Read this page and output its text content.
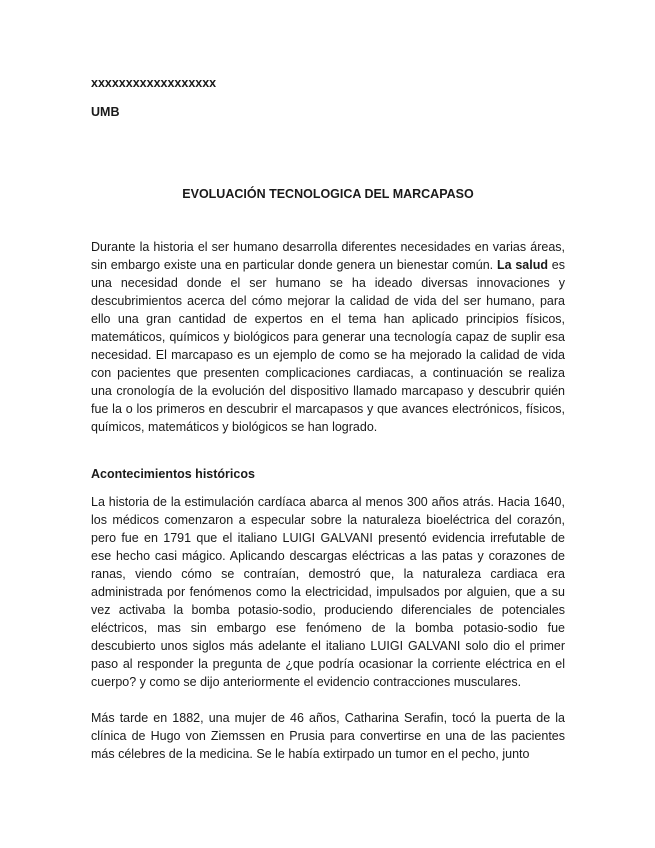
xxxxxxxxxxxxxxxxxx

UMB

EVOLUACIÓN TECNOLOGICA DEL MARCAPASO

Durante la historia el ser humano desarrolla diferentes necesidades en varias áreas, sin embargo existe una en particular donde genera un bienestar común. La salud es una necesidad donde el ser humano se ha ideado diversas innovaciones y descubrimientos acerca del cómo mejorar la calidad de vida del ser humano, para ello una gran cantidad de expertos en el tema han aplicado principios físicos, matemáticos, químicos y biológicos para generar una tecnología capaz de suplir esa necesidad. El marcapaso es un ejemplo de como se ha mejorado la calidad de vida con pacientes que presenten complicaciones cardiacas, a continuación se realiza una cronología de la evolución del dispositivo llamado marcapaso y descubrir quién fue la o los primeros en descubrir el marcapasos y que avances electrónicos, físicos, químicos, matemáticos y biológicos se han logrado.

Acontecimientos históricos

La historia de la estimulación cardíaca abarca al menos 300 años atrás. Hacia 1640, los médicos comenzaron a especular sobre la naturaleza bioeléctrica del corazón, pero fue en 1791 que el italiano LUIGI GALVANI presentó evidencia irrefutable de ese hecho casi mágico. Aplicando descargas eléctricas a las patas y corazones de ranas, viendo cómo se contraían, demostró que, la naturaleza cardiaca era administrada por fenómenos como la electricidad, impulsados por alguien, que a su vez activaba la bomba potasio-sodio, produciendo diferenciales de potenciales eléctricos, mas sin embargo ese fenómeno de la bomba potasio-sodio fue descubierto unos siglos más adelante el italiano LUIGI GALVANI solo dio el primer paso al responder la pregunta de ¿que podría ocasionar la corriente eléctrica en el cuerpo? y como se dijo anteriormente el evidencio contracciones musculares.

Más tarde en 1882, una mujer de 46 años, Catharina Serafin, tocó la puerta de la clínica de Hugo von Ziemssen en Prusia para convertirse en una de las pacientes más célebres de la medicina. Se le había extirpado un tumor en el pecho, junto
